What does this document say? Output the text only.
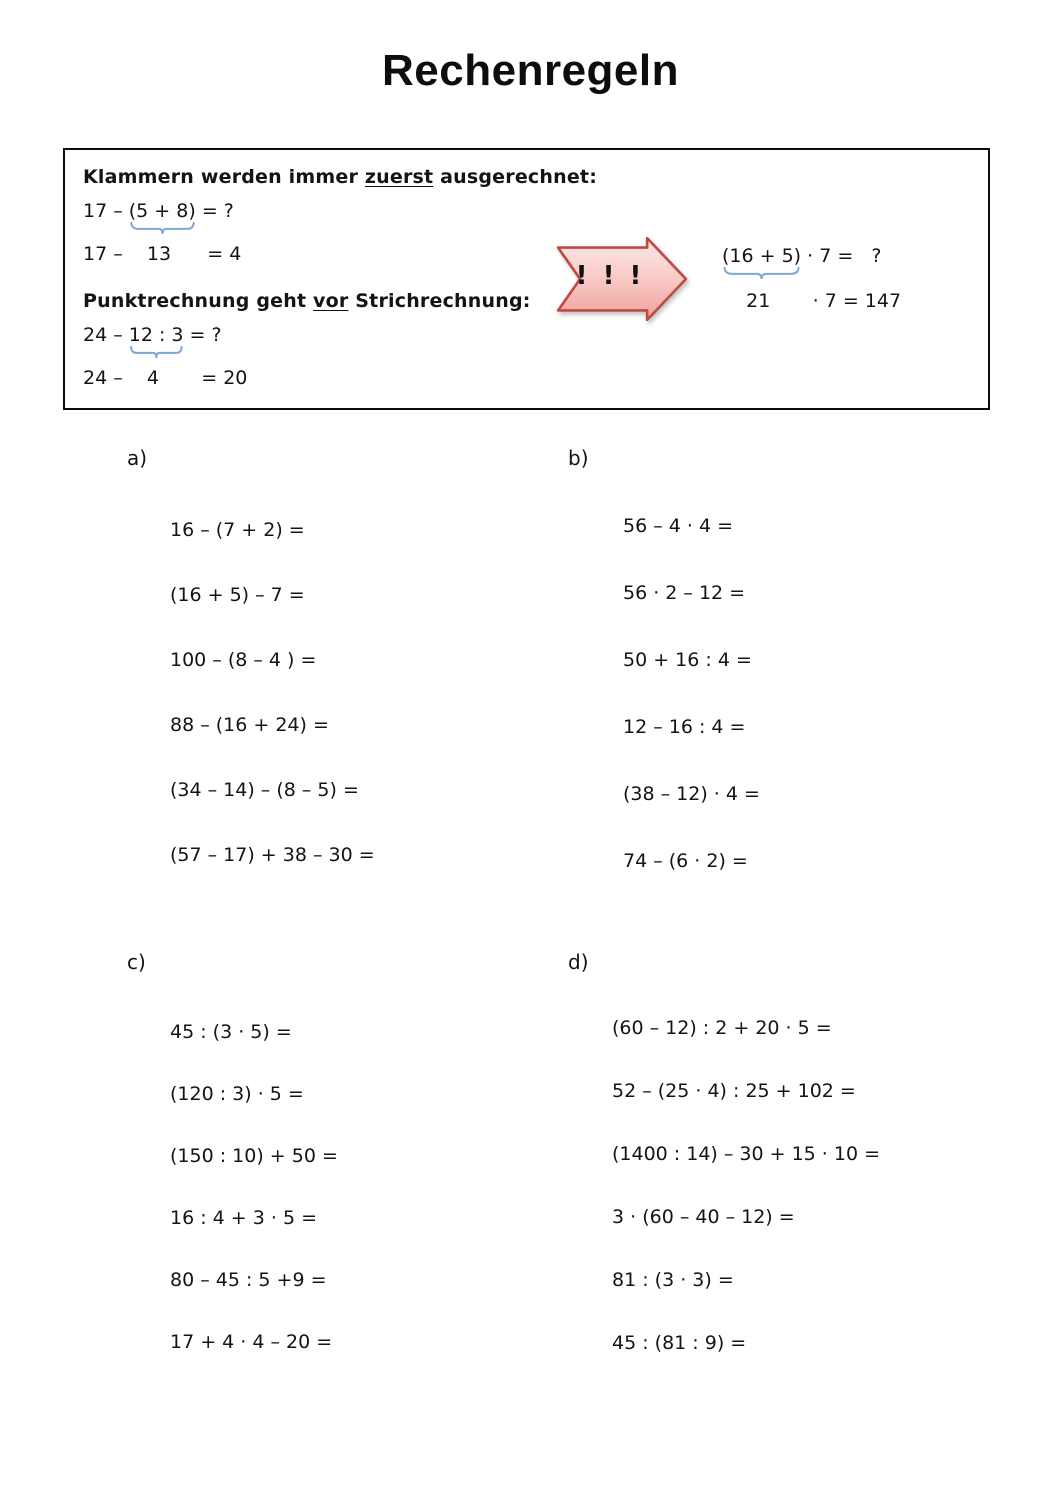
Rechenregeln
Klammern werden immer zuerst ausgerechnet:
17 – (5 + 8)
= ?
17 –    13      = 4
Punktrechnung geht vor Strichrechnung:
24 – 12 : 3
= ?
24 –    4       = 20
! ! !
(16 + 5)
· 7 =   ?
21       · 7 = 147
a)
16 – (7 + 2) =
(16 + 5) – 7 =
100 – (8 – 4 ) =
88 – (16 + 24) =
(34 – 14) – (8 – 5) =
(57 – 17) + 38 – 30 =
b)
56 – 4 · 4 =
56 · 2 – 12 =
50 + 16 : 4 =
12 – 16 : 4 =
(38 – 12) · 4 =
74 – (6 · 2) =
c)
45 : (3 · 5) =
(120 : 3) · 5 =
(150 : 10) + 50 =
16 : 4 + 3 · 5 =
80 – 45 : 5 +9 =
17 + 4 · 4 – 20 =
d)
(60 – 12) : 2 + 20 · 5 =
52 – (25 · 4) : 25 + 102 =
(1400 : 14) – 30 + 15 · 10 =
3 · (60 – 40 – 12) =
81 : (3 · 3) =
45 : (81 : 9) =
